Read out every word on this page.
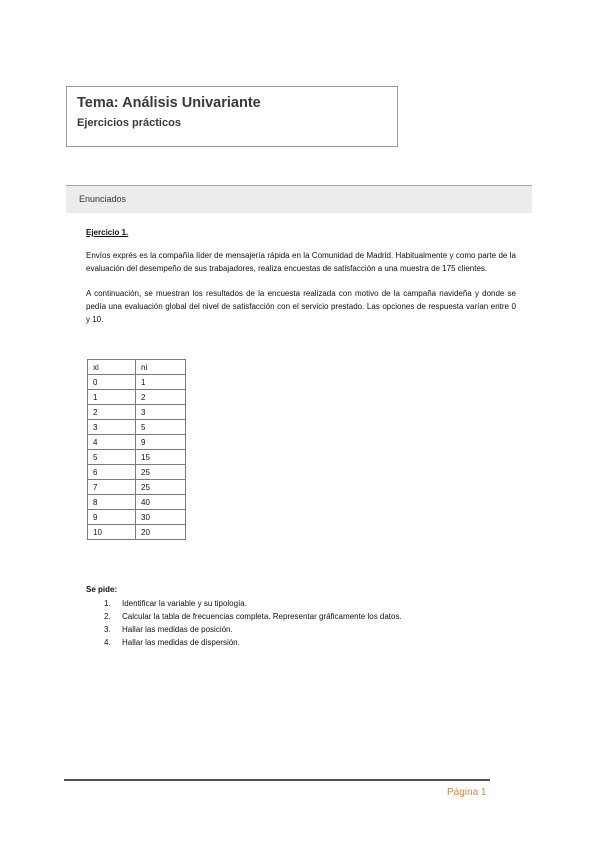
Tema: Análisis Univariante
Ejercicios prácticos
Enunciados

Ejercicio 1.

Envíos exprés es la compañía líder de mensajería rápida en la Comunidad de Madrid. Habitualmente y como parte de la evaluación del desempeño de sus trabajadores, realiza encuestas de satisfacción a una muestra de 175 clientes.

A continuación, se muestran los resultados de la encuesta realizada con motivo de la campaña navideña y donde se pedía una evaluación global del nivel de satisfacción con el servicio prestado. Las opciones de respuesta varían entre 0 y 10.

xi	ni
0	1
1	2
2	3
3	5
4	9
5	15
6	25
7	25
8	40
9	30
10	20
Se pide:
1.	Identificar la variable y su tipología.
2.	Calcular la tabla de frecuencias completa. Representar gráficamente los datos.
3.	Hallar las medidas de posición.
4.	Hallar las medidas de dispersión.
Página 1
